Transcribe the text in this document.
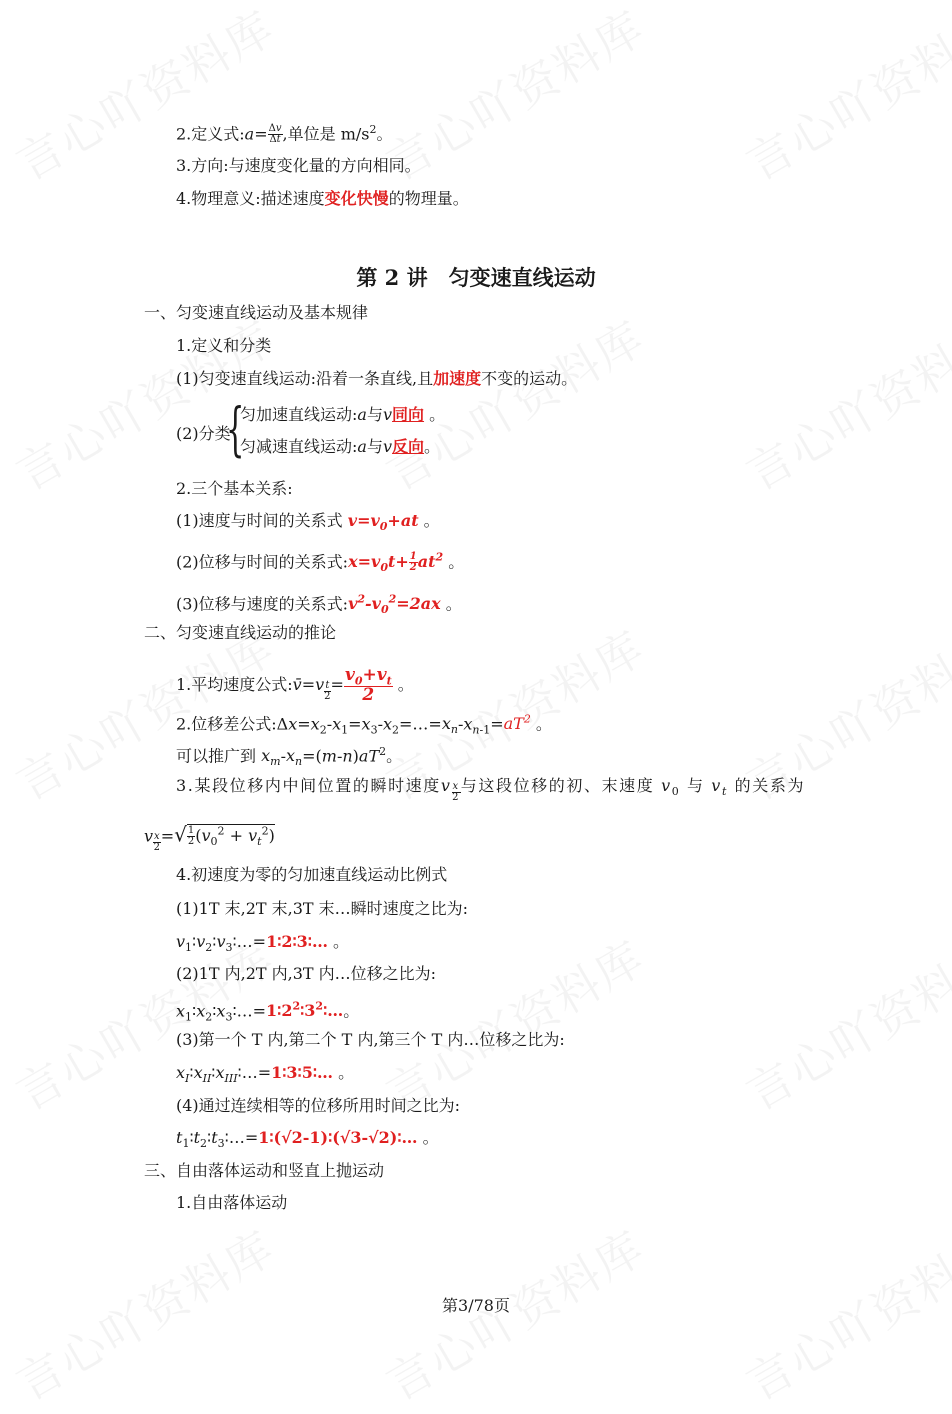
2.定义式:a= $\frac{\Delta v}{\Delta t}$ ,单位是 $m/s^2$。
3.方向:与速度变化量的方向相同。
4.物理意义:描述速度变化快慢的物理量。
第 2 讲　匀变速直线运动
一、匀变速直线运动及基本规律
1.定义和分类
(1)匀变速直线运动:沿着一条直线,且加速度不变的运动。
(2)分类
{
匀加速直线运动:a与v同向 。
匀减速直线运动:a与v反向。
2.三个基本关系:
(1)速度与时间的关系式 $v=v_0+at$ 。
(2)位移与时间的关系式$:x=v_0t+ \frac{1}{2} at^2$ 。
(3)位移与速度的关系式$:v^2-v_0^2=2ax$ 。
二、匀变速直线运动的推论
1.平均速度公式:v̄=v $_{\frac{t}{2}} = \frac{v_0+v_t}{2}$ 。
2.位移差公式$:\Delta x=x_2-x_1=x_3-x_2=\dots=x_n-x_{n-1}=aT^2$ 。
可以推广到 $x_m-x_n=(m-n)aT^2$。
3.某段位移内中间位置的瞬时速度v $_{\frac{x}{2}}$ 与这段位移的初、末速度 $v_0$ 与 $v_t$ 的关系为
v $_{\frac{x}{2}}$ =√ $\frac{1}{2} (v_0^2 + v_t^2)$
4.初速度为零的匀加速直线运动比例式
(1)1T 末,2T 末,3T 末…瞬时速度之比为:
$v_1∶v_2∶v_3∶\dots=1∶2∶3∶\dots$ 。
(2)1T 内,2T 内,3T 内…位移之比为:
$x_1∶x_2∶x_3∶\dots=1∶2^2∶3^2∶\dots$。
(3)第一个 T 内,第二个 T 内,第三个 T 内…位移之比为:
$x_I∶x_{II}∶x_{III}∶\dots=1∶3∶5∶\dots$ 。
(4)通过连续相等的位移所用时间之比为:
$t_1∶t_2∶t_3∶\dots=1∶(√2-1)∶(√3-√2)∶\dots$ 。
三、自由落体运动和竖直上抛运动
1.自由落体运动
第3/78页
